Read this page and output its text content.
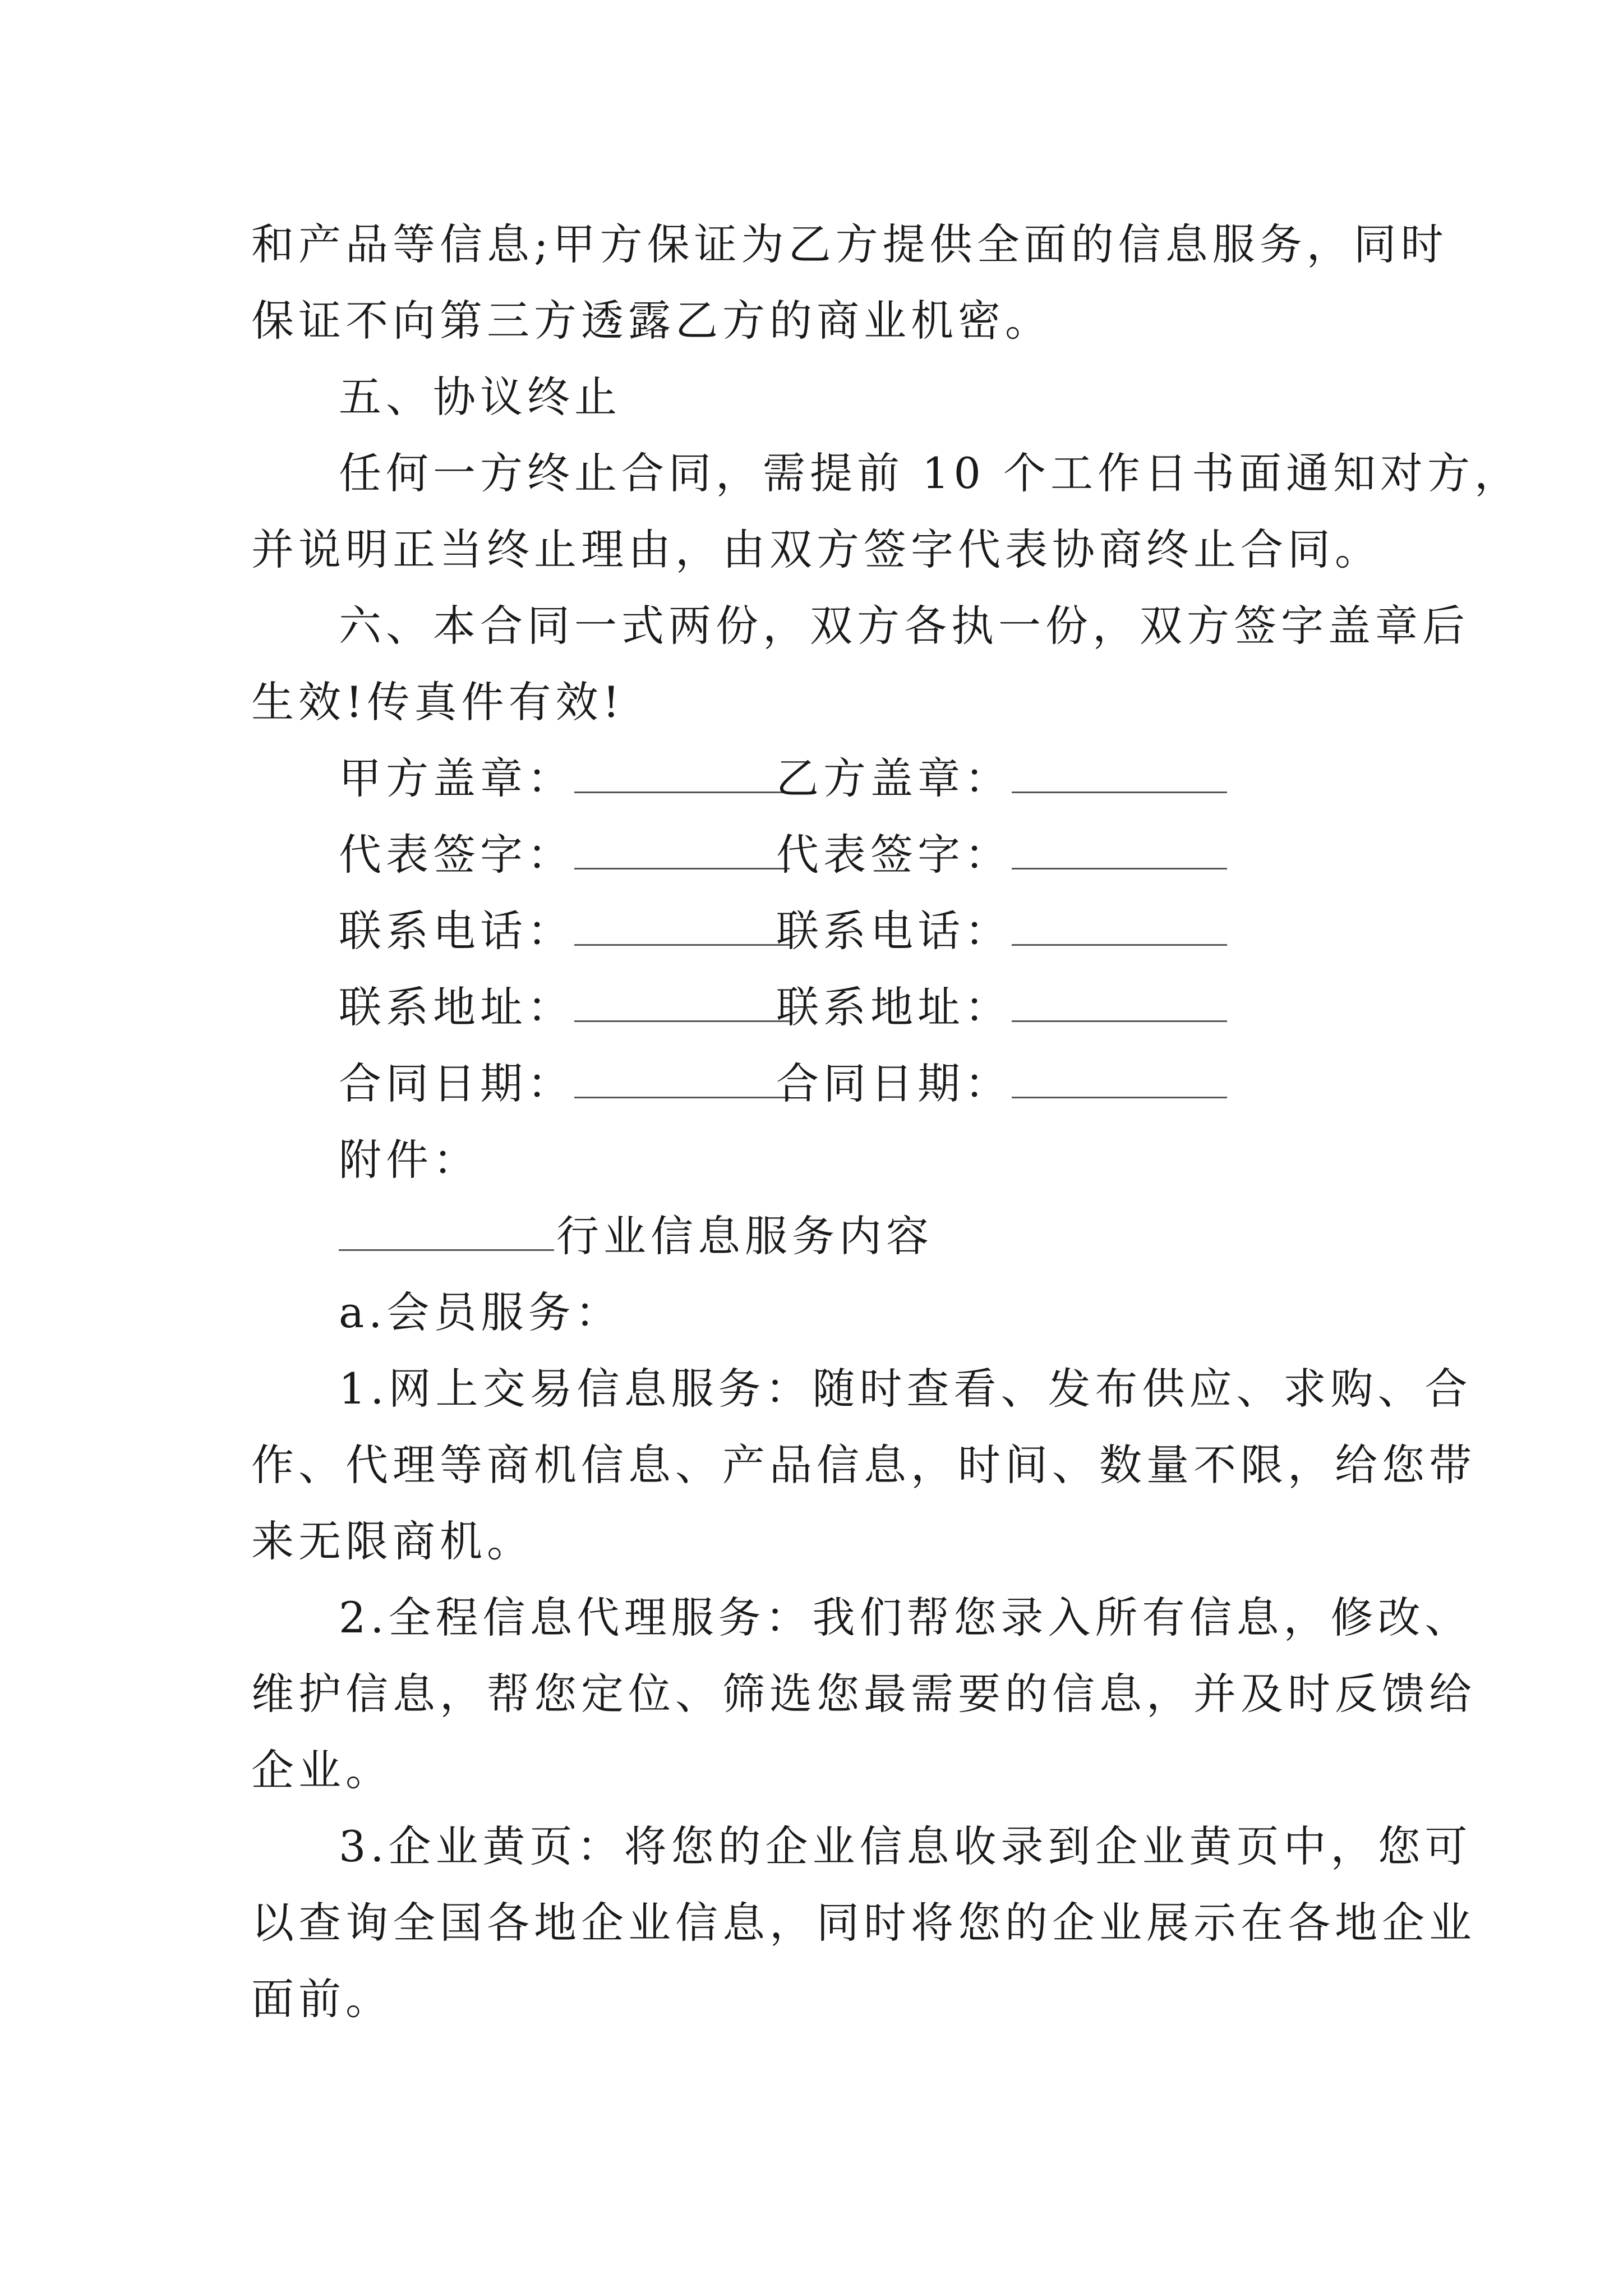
和产品等信息;甲方保证为乙方提供全面的信息服务，同时

保证不向第三方透露乙方的商业机密。

五、协议终止

任何一方终止合同，需提前 10 个工作日书面通知对方，

并说明正当终止理由，由双方签字代表协商终止合同。

六、本合同一式两份，双方各执一份，双方签字盖章后

生效!传真件有效!

甲方盖章：	乙方盖章：
代表签字：	代表签字：
联系电话：	联系电话：
联系地址：	联系地址：
合同日期：	合同日期：

附件：

行业信息服务内容

a.会员服务：

1.网上交易信息服务：随时查看、发布供应、求购、合

作、代理等商机信息、产品信息，时间、数量不限，给您带

来无限商机。

2.全程信息代理服务：我们帮您录入所有信息，修改、

维护信息，帮您定位、筛选您最需要的信息，并及时反馈给

企业。

3.企业黄页：将您的企业信息收录到企业黄页中，您可

以查询全国各地企业信息，同时将您的企业展示在各地企业

面前。
